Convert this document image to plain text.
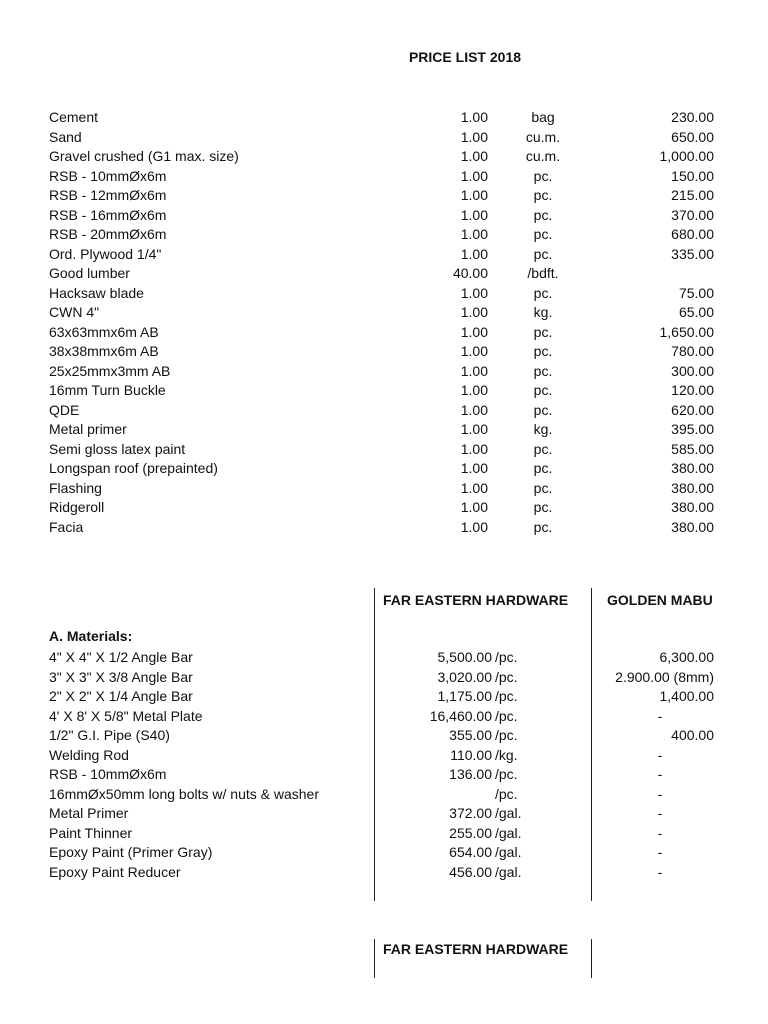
PRICE LIST 2018
Cement	1.00	bag	230.00
Sand	1.00	cu.m.	650.00
Gravel crushed (G1 max. size)	1.00	cu.m.	1,000.00
RSB - 10mmØx6m	1.00	pc.	150.00
RSB - 12mmØx6m	1.00	pc.	215.00
RSB - 16mmØx6m	1.00	pc.	370.00
RSB - 20mmØx6m	1.00	pc.	680.00
Ord. Plywood 1/4"	1.00	pc.	335.00
Good lumber	40.00	/bdft.
Hacksaw blade	1.00	pc.	75.00
CWN 4"	1.00	kg.	65.00
63x63mmx6m AB	1.00	pc.	1,650.00
38x38mmx6m AB	1.00	pc.	780.00
25x25mmx3mm AB	1.00	pc.	300.00
16mm Turn Buckle	1.00	pc.	120.00
QDE	1.00	pc.	620.00
Metal primer	1.00	kg.	395.00
Semi gloss latex paint	1.00	pc.	585.00
Longspan roof (prepainted)	1.00	pc.	380.00
Flashing	1.00	pc.	380.00
Ridgeroll	1.00	pc.	380.00
Facia	1.00	pc.	380.00
FAR EASTERN HARDWARE	GOLDEN MABU
A. Materials:
4" X 4" X 1/2 Angle Bar	5,500.00 /pc.	6,300.00
3" X 3" X 3/8 Angle Bar	3,020.00 /pc.	2.900.00 (8mm)
2" X 2" X 1/4 Angle Bar	1,175.00 /pc.	1,400.00
4' X 8' X 5/8" Metal Plate	16,460.00 /pc.	-
1/2" G.I. Pipe (S40)	355.00 /pc.	400.00
Welding Rod	110.00 /kg.	-
RSB - 10mmØx6m	136.00 /pc.	-
16mmØx50mm long bolts w/ nuts & washer	/pc.	-
Metal Primer	372.00 /gal.	-
Paint Thinner	255.00 /gal.	-
Epoxy Paint (Primer Gray)	654.00 /gal.	-
Epoxy Paint Reducer	456.00 /gal.	-
FAR EASTERN HARDWARE
